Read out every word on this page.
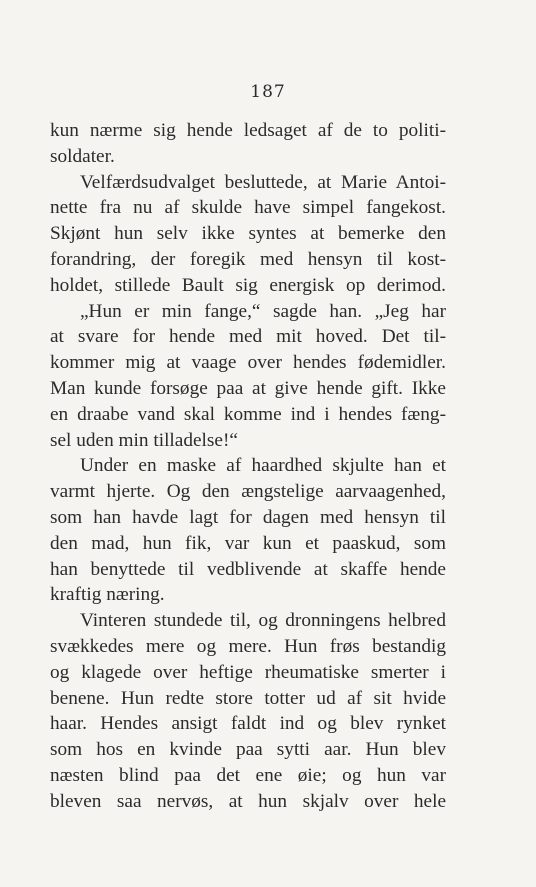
187
kun nærme sig hende ledsaget af de to politi-
soldater.
Velfærdsudvalget besluttede, at Marie Antoi-
nette fra nu af skulde have simpel fangekost.
Skjønt hun selv ikke syntes at bemerke den
forandring, der foregik med hensyn til kost-
holdet, stillede Bault sig energisk op derimod.
„Hun er min fange,“ sagde han. „Jeg har
at svare for hende med mit hoved. Det til-
kommer mig at vaage over hendes fødemidler.
Man kunde forsøge paa at give hende gift. Ikke
en draabe vand skal komme ind i hendes fæng-
sel uden min tilladelse!“
Under en maske af haardhed skjulte han et
varmt hjerte. Og den ængstelige aarvaagenhed,
som han havde lagt for dagen med hensyn til
den mad, hun fik, var kun et paaskud, som
han benyttede til vedblivende at skaffe hende
kraftig næring.
Vinteren stundede til, og dronningens helbred
svækkedes mere og mere. Hun frøs bestandig
og klagede over heftige rheumatiske smerter i
benene. Hun redte store totter ud af sit hvide
haar. Hendes ansigt faldt ind og blev rynket
som hos en kvinde paa sytti aar. Hun blev
næsten blind paa det ene øie; og hun var
bleven saa nervøs, at hun skjalv over hele
